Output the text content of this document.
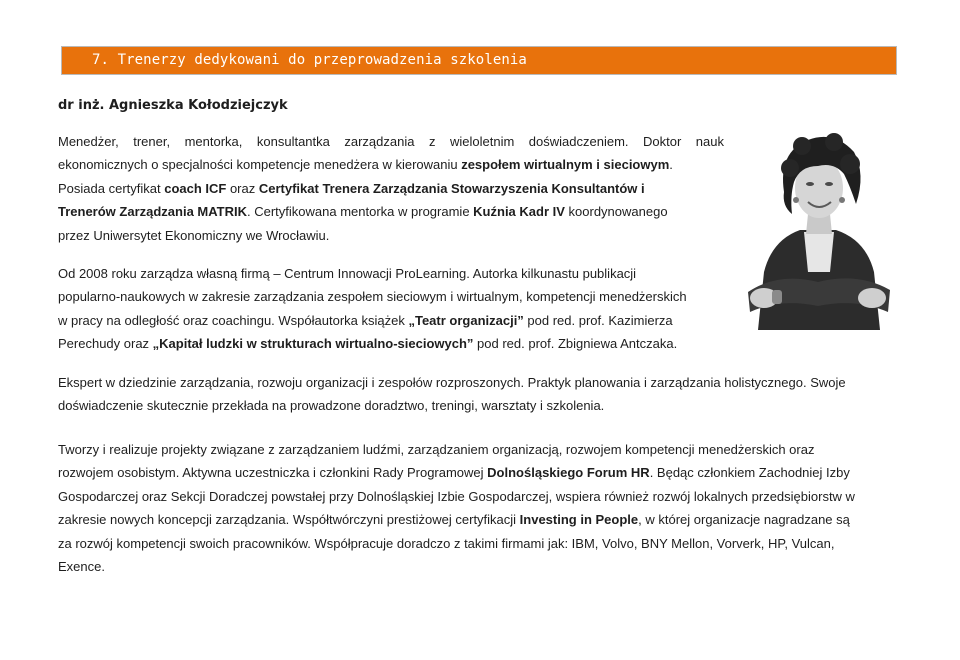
7. Trenerzy dedykowani do przeprowadzenia szkolenia
dr inż. Agnieszka Kołodziejczyk
Menedżer, trener, mentorka, konsultantka zarządzania z wieloletnim doświadczeniem. Doktor nauk
ekonomicznych o specjalności kompetencje menedżera w kierowaniu zespołem wirtualnym i sieciowym.
Posiada certyfikat coach ICF oraz Certyfikat Trenera Zarządzania Stowarzyszenia Konsultantów i
Trenerów Zarządzania MATRIK. Certyfikowana mentorka w programie Kuźnia Kadr IV koordynowanego
przez Uniwersytet Ekonomiczny we Wrocławiu.
Od 2008 roku zarządza własną firmą – Centrum Innowacji ProLearning. Autorka kilkunastu publikacji
popularno-naukowych w zakresie zarządzania zespołem sieciowym i wirtualnym, kompetencji menedżerskich
w pracy na odległość oraz coachingu. Współautorka książek „Teatr organizacji” pod red. prof. Kazimierza
Perechudy oraz „Kapitał ludzki w strukturach wirtualno-sieciowych” pod red. prof. Zbigniewa Antczaka.
Ekspert w dziedzinie zarządzania, rozwoju organizacji i zespołów rozproszonych. Praktyk planowania i zarządzania holistycznego. Swoje
doświadczenie skutecznie przekłada na prowadzone doradztwo, treningi, warsztaty i szkolenia.
Tworzy i realizuje projekty związane z zarządzaniem ludźmi, zarządzaniem organizacją, rozwojem kompetencji menedżerskich oraz
rozwojem osobistym. Aktywna uczestniczka i członkini Rady Programowej Dolnośląskiego Forum HR. Będąc członkiem Zachodniej Izby
Gospodarczej oraz Sekcji Doradczej powstałej przy Dolnośląskiej Izbie Gospodarczej, wspiera również rozwój lokalnych przedsiębiorstw w
zakresie nowych koncepcji zarządzania. Współtwórczyni prestiżowej certyfikacji Investing in People, w której organizacje nagradzane są
za rozwój kompetencji swoich pracowników. Współpracuje doradczo z takimi firmami jak: IBM, Volvo, BNY Mellon, Vorverk, HP, Vulcan,
Exence.
